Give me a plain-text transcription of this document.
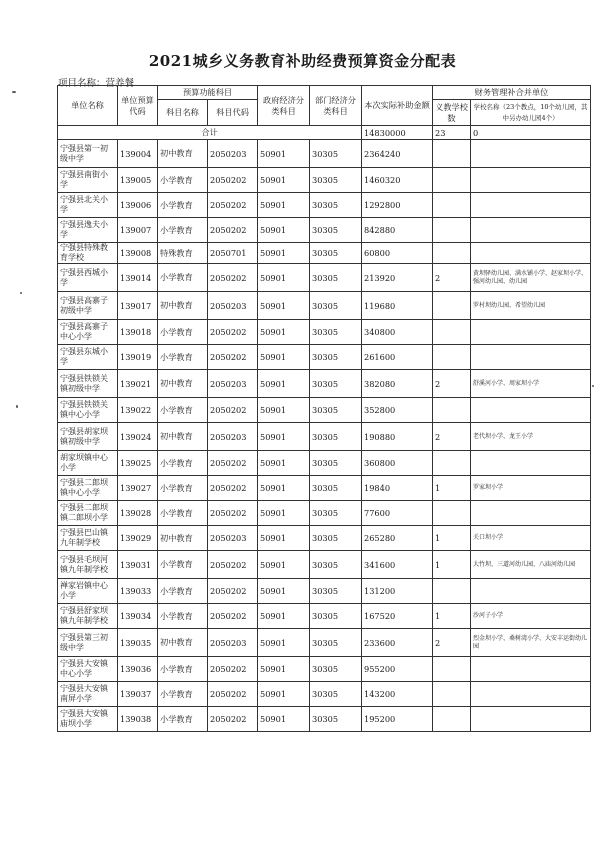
2021城乡义务教育补助经费预算资金分配表
项目名称：营养餐
单位名称	单位预算代码	预算功能科目		政府经济分类科目	部门经济分类科目	本次实际补助金额	财务管理补合并单位	
		科目名称	科目代码				义教学校数	学校名称（23个教点，10个幼儿园，其中另办幼儿园4个）
合计						14830000	23	0
宁强县第一初级中学	139004	初中教育	2050203	50901	30305	2364240		
宁强县南街小学	139005	小学教育	2050202	50901	30305	1460320		
宁强县北关小学	139006	小学教育	2050202	50901	30305	1292800		
宁强县逸夫小学	139007	小学教育	2050202	50901	30305	842880		
宁强县特殊教育学校	139008	特殊教育	2050701	50901	30305	60800		
宁强县西城小学	139014	小学教育	2050202	50901	30305	213920	2	黄坝驿幼儿园、满水铺小学、赵家坝小学、强河幼儿园、幼儿园
宁强县高寨子初级中学	139017	初中教育	2050203	50901	30305	119680		罗村坝幼儿园、希望幼儿园
宁强县高寨子中心小学	139018	小学教育	2050202	50901	30305	340800		
宁强县东城小学	139019	小学教育	2050202	50901	30305	261600		
宁强县铁锁关镇初级中学	139021	初中教育	2050203	50901	30305	382080	2	舒溪河小学、周家坝小学
宁强县铁锁关镇中心小学	139022	小学教育	2050202	50901	30305	352800		
宁强县胡家坝镇初级中学	139024	初中教育	2050203	50901	30305	190880	2	老代坝小学、龙王小学
胡家坝镇中心小学	139025	小学教育	2050202	50901	30305	360800		
宁强县二郎坝镇中心小学	139027	小学教育	2050202	50901	30305	19840	1	罗家坝小学
宁强县二郎坝镇二郎坝小学	139028	小学教育	2050202	50901	30305	77600		
宁强县巴山镇九年制学校	139029	初中教育	2050203	50901	30305	265280	1	关口坝小学
宁强县毛坝河镇九年制学校	139031	小学教育	2050202	50901	30305	341600	1	大竹坝、三道河幼儿园、八庙河幼儿园
禅家岩镇中心小学	139033	小学教育	2050202	50901	30305	131200		
宁强县舒家坝镇九年制学校	139034	小学教育	2050202	50901	30305	167520	1	沙河子小学
宁强县第三初级中学	139035	初中教育	2050203	50901	30305	233600	2	烈金坝小学、桑树湾小学、大安丰运街幼儿园
宁强县大安镇中心小学	139036	小学教育	2050202	50901	30305	955200		
宁强县大安镇南屏小学	139037	小学教育	2050202	50901	30305	143200		
宁强县大安镇庙坝小学	139038	小学教育	2050202	50901	30305	195200		
